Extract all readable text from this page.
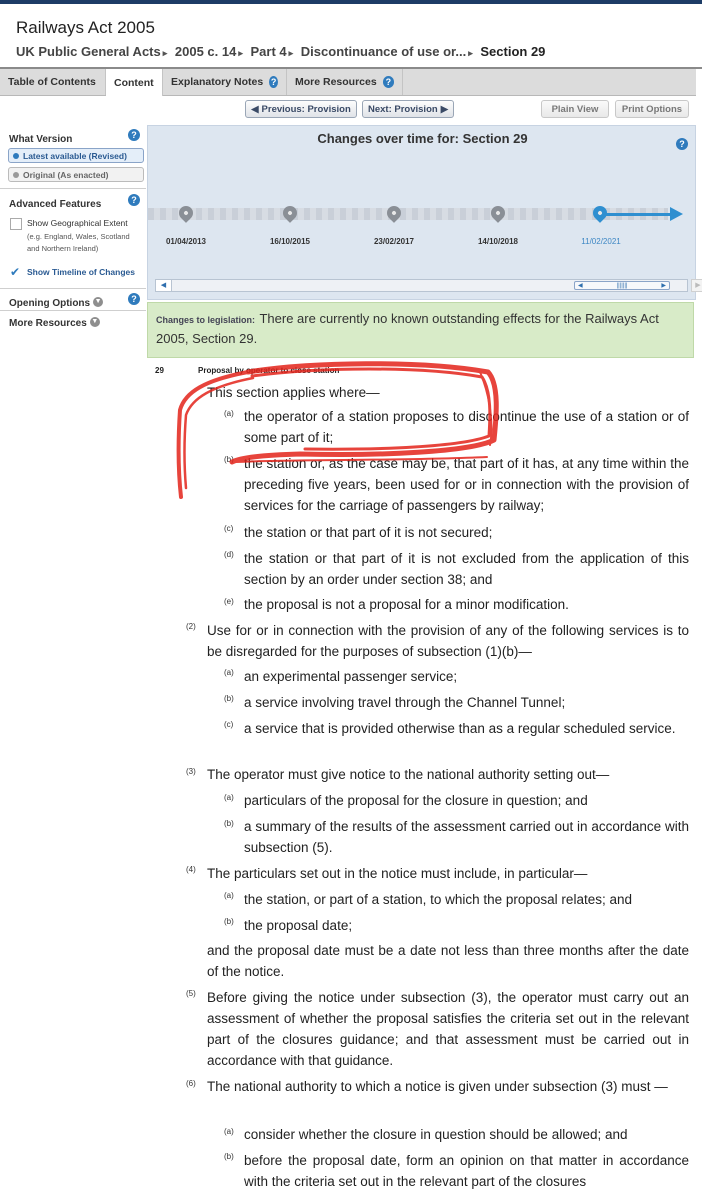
Railways Act 2005
UK Public General Acts ▸ 2005 c. 14 ▸ Part 4 ▸ Discontinuance of use or... ▸ Section 29
Table of Contents Content Explanatory Notes ? More Resources ?
◀ Previous: Provision Next: Provision ▶	Plain View Print Options
What Version	?
Latest available (Revised)
Original (As enacted)
Advanced Features	?
Show Geographical Extent
(e.g. England, Wales, Scotland and Northern Ireland)
✔ Show Timeline of Changes
Opening Options ▼	?
More Resources ▼
Changes over time for: Section 29	?
01/04/2013	16/10/2015	23/02/2017	14/10/2018	11/02/2021
◀	◀	|||||||	▶	▶
Changes to legislation: There are currently no known outstanding effects for the Railways Act 2005, Section 29.
29	Proposal by operator to close station
This section applies where—
(a) the operator of a station proposes to discontinue the use of a station or of some part of it;
(b) the station or, as the case may be, that part of it has, at any time within the preceding five years, been used for or in connection with the provision of services for the carriage of passengers by railway;
(c) the station or that part of it is not secured;
(d) the station or that part of it is not excluded from the application of this section by an order under section 38; and
(e) the proposal is not a proposal for a minor modification.
(2) Use for or in connection with the provision of any of the following services is to be disregarded for the purposes of subsection (1)(b)—
(a) an experimental passenger service;
(b) a service involving travel through the Channel Tunnel;
(c) a service that is provided otherwise than as a regular scheduled service.
(3) The operator must give notice to the national authority setting out—
(a) particulars of the proposal for the closure in question; and
(b) a summary of the results of the assessment carried out in accordance with subsection (5).
(4) The particulars set out in the notice must include, in particular—
(a) the station, or part of a station, to which the proposal relates; and
(b) the proposal date;
and the proposal date must be a date not less than three months after the date of the notice.
(5) Before giving the notice under subsection (3), the operator must carry out an assessment of whether the proposal satisfies the criteria set out in the relevant part of the closures guidance; and that assessment must be carried out in accordance with that guidance.
(6) The national authority to which a notice is given under subsection (3) must —
(a) consider whether the closure in question should be allowed; and
(b) before the proposal date, form an opinion on that matter in accordance with the criteria set out in the relevant part of the closures
